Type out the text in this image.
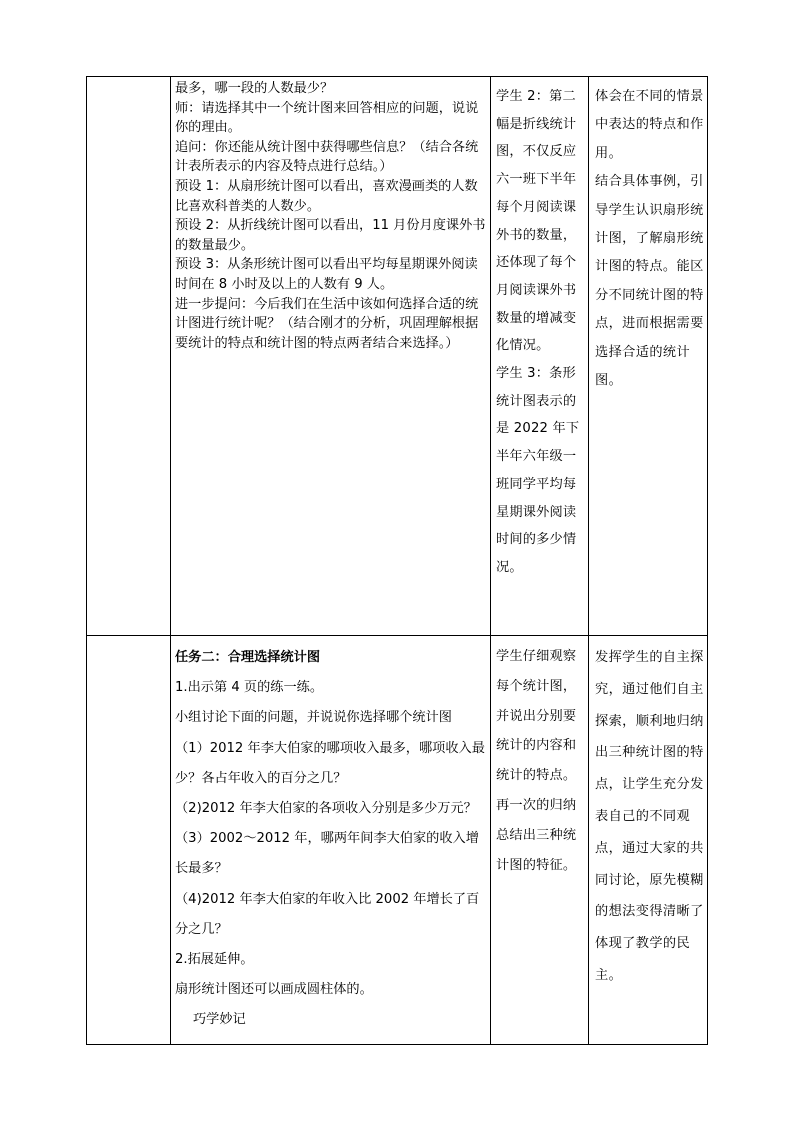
最多，哪一段的人数最少？

师：请选择其中一个统计图来回答相应的问题，说说你的理由。

追问：你还能从统计图中获得哪些信息？（结合各统计表所表示的内容及特点进行总结。）

预设 1：从扇形统计图可以看出，喜欢漫画类的人数比喜欢科普类的人数少。

预设 2：从折线统计图可以看出，11 月份月度课外书的数量最少。

预设 3：从条形统计图可以看出平均每星期课外阅读时间在 8 小时及以上的人数有 9 人。

进一步提问：今后我们在生活中该如何选择合适的统计图进行统计呢？（结合刚才的分析，巩固理解根据要统计的特点和统计图的特点两者结合来选择。）

学生 2：第二幅是折线统计图，不仅反应六一班下半年每个月阅读课外书的数量，还体现了每个月阅读课外书数量的增减变化情况。

学生 3：条形统计图表示的是 2022 年下半年六年级一班同学平均每星期课外阅读时间的多少情况。

体会在不同的情景中表达的特点和作用。

结合具体事例，引导学生认识扇形统计图，了解扇形统计图的特点。能区分不同统计图的特点，进而根据需要选择合适的统计图。

任务二：合理选择统计图

1.出示第 4 页的练一练。

小组讨论下面的问题，并说说你选择哪个统计图

（1）2012 年李大伯家的哪项收入最多，哪项收入最少？各占年收入的百分之几？

（2)2012 年李大伯家的各项收入分别是多少万元？

（3）2002～2012 年，哪两年间李大伯家的收入增长最多？

（4)2012 年李大伯家的年收入比 2002 年增长了百分之几？

2.拓展延伸。

扇形统计图还可以画成圆柱体的。

巧学妙记

学生仔细观察每个统计图，并说出分别要统计的内容和统计的特点。再一次的归纳总结出三种统计图的特征。

发挥学生的自主探究，通过他们自主探索，顺利地归纳出三种统计图的特点，让学生充分发表自己的不同观点，通过大家的共同讨论，原先模糊的想法变得清晰了体现了教学的民主。
